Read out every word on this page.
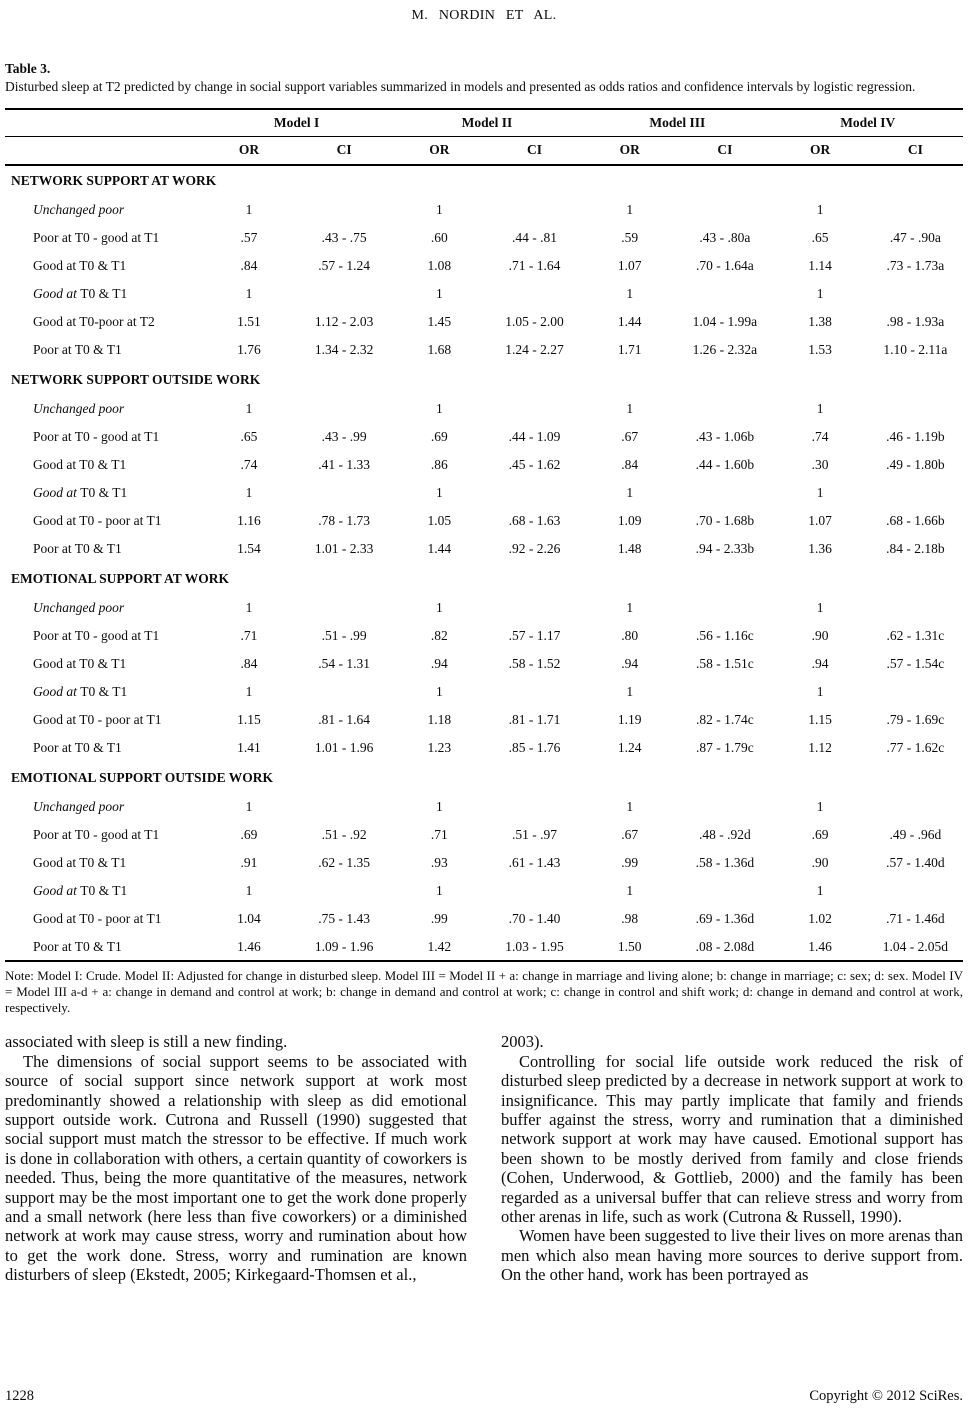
M. NORDIN ET AL.
Table 3.
Disturbed sleep at T2 predicted by change in social support variables summarized in models and presented as odds ratios and confidence intervals by logistic regression.
	Model I		Model II		Model III		Model IV	
	OR	CI	OR	CI	OR	CI	OR	CI
NETWORK SUPPORT AT WORK								
Unchanged poor	1		1		1		1	
Poor at T0 - good at T1	.57	.43 - .75	.60	.44 - .81	.59	.43 - .80a	.65	.47 - .90a
Good at T0 & T1	.84	.57 - 1.24	1.08	.71 - 1.64	1.07	.70 - 1.64a	1.14	.73 - 1.73a
Good at T0 & T1	1		1		1		1	
Good at T0-poor at T2	1.51	1.12 - 2.03	1.45	1.05 - 2.00	1.44	1.04 - 1.99a	1.38	.98 - 1.93a
Poor at T0 & T1	1.76	1.34 - 2.32	1.68	1.24 - 2.27	1.71	1.26 - 2.32a	1.53	1.10 - 2.11a
NETWORK SUPPORT OUTSIDE WORK								
Unchanged poor	1		1		1		1	
Poor at T0 - good at T1	.65	.43 - .99	.69	.44 - 1.09	.67	.43 - 1.06b	.74	.46 - 1.19b
Good at T0 & T1	.74	.41 - 1.33	.86	.45 - 1.62	.84	.44 - 1.60b	.30	.49 - 1.80b
Good at T0 & T1	1		1		1		1	
Good at T0 - poor at T1	1.16	.78 - 1.73	1.05	.68 - 1.63	1.09	.70 - 1.68b	1.07	.68 - 1.66b
Poor at T0 & T1	1.54	1.01 - 2.33	1.44	.92 - 2.26	1.48	.94 - 2.33b	1.36	.84 - 2.18b
EMOTIONAL SUPPORT AT WORK								
Unchanged poor	1		1		1		1	
Poor at T0 - good at T1	.71	.51 - .99	.82	.57 - 1.17	.80	.56 - 1.16c	.90	.62 - 1.31c
Good at T0 & T1	.84	.54 - 1.31	.94	.58 - 1.52	.94	.58 - 1.51c	.94	.57 - 1.54c
Good at T0 & T1	1		1		1		1	
Good at T0 - poor at T1	1.15	.81 - 1.64	1.18	.81 - 1.71	1.19	.82 - 1.74c	1.15	.79 - 1.69c
Poor at T0 & T1	1.41	1.01 - 1.96	1.23	.85 - 1.76	1.24	.87 - 1.79c	1.12	.77 - 1.62c
EMOTIONAL SUPPORT OUTSIDE WORK								
Unchanged poor	1		1		1		1	
Poor at T0 - good at T1	.69	.51 - .92	.71	.51 - .97	.67	.48 - .92d	.69	.49 - .96d
Good at T0 & T1	.91	.62 - 1.35	.93	.61 - 1.43	.99	.58 - 1.36d	.90	.57 - 1.40d
Good at T0 & T1	1		1		1		1	
Good at T0 - poor at T1	1.04	.75 - 1.43	.99	.70 - 1.40	.98	.69 - 1.36d	1.02	.71 - 1.46d
Poor at T0 & T1	1.46	1.09 - 1.96	1.42	1.03 - 1.95	1.50	.08 - 2.08d	1.46	1.04 - 2.05d
Note: Model I: Crude. Model II: Adjusted for change in disturbed sleep. Model III = Model II + a: change in marriage and living alone; b: change in marriage; c: sex; d: sex. Model IV = Model III a-d + a: change in demand and control at work; b: change in demand and control at work; c: change in control and shift work; d: change in demand and control at work, respectively.

associated with sleep is still a new finding.

The dimensions of social support seems to be associated with source of social support since network support at work most predominantly showed a relationship with sleep as did emotional support outside work. Cutrona and Russell (1990) suggested that social support must match the stressor to be effective. If much work is done in collaboration with others, a certain quantity of coworkers is needed. Thus, being the more quantitative of the measures, network support may be the most important one to get the work done properly and a small network (here less than five coworkers) or a diminished network at work may cause stress, worry and rumination about how to get the work done. Stress, worry and rumination are known disturbers of sleep (Ekstedt, 2005; Kirkegaard-Thomsen et al.,

2003).

Controlling for social life outside work reduced the risk of disturbed sleep predicted by a decrease in network support at work to insignificance. This may partly implicate that family and friends buffer against the stress, worry and rumination that a diminished network support at work may have caused. Emotional support has been shown to be mostly derived from family and close friends (Cohen, Underwood, & Gottlieb, 2000) and the family has been regarded as a universal buffer that can relieve stress and worry from other arenas in life, such as work (Cutrona & Russell, 1990).

Women have been suggested to live their lives on more arenas than men which also mean having more sources to derive support from. On the other hand, work has been portrayed as

1228	Copyright © 2012 SciRes.
